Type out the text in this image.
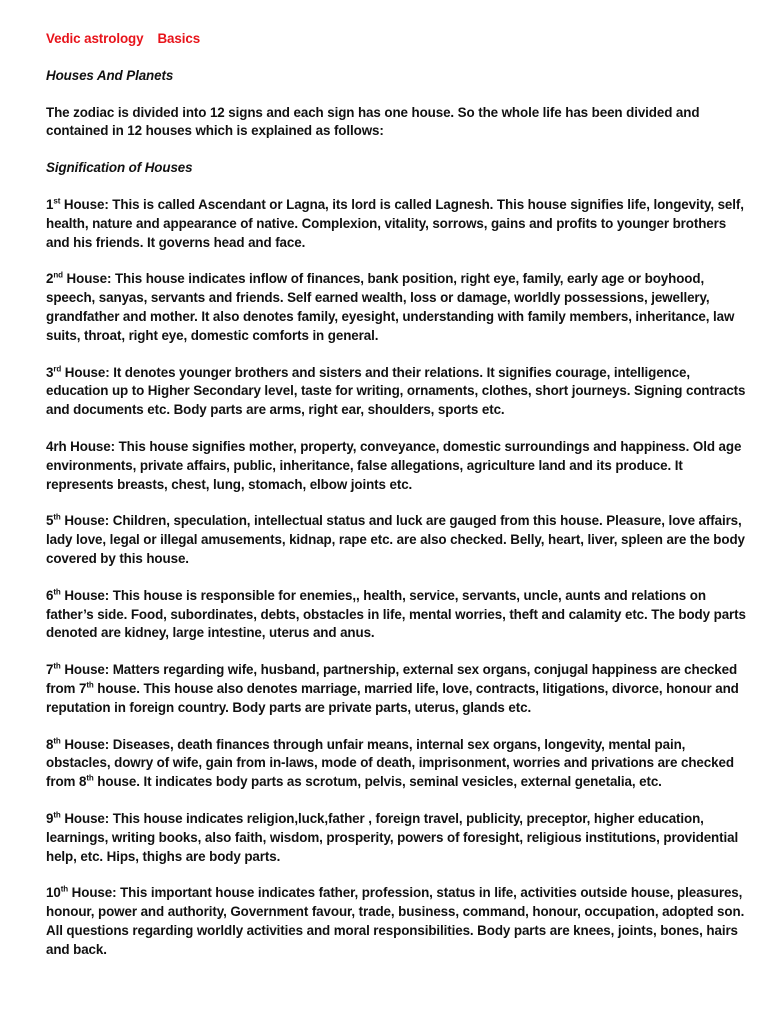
Vedic astrology Basics
Houses And Planets
The zodiac is divided into 12 signs and each sign has one house. So the whole life has been divided and contained in 12 houses which is explained as follows:
Signification of Houses
1st House: This is called Ascendant or Lagna, its lord is called Lagnesh. This house signifies life, longevity, self, health, nature and appearance of native. Complexion, vitality, sorrows, gains and profits to younger brothers and his friends. It governs head and face.
2nd House: This house indicates inflow of finances, bank position, right eye, family, early age or boyhood, speech, sanyas, servants and friends. Self earned wealth, loss or damage, worldly possessions, jewellery, grandfather and mother. It also denotes family, eyesight, understanding with family members, inheritance, law suits, throat, right eye, domestic comforts in general.
3rd House: It denotes younger brothers and sisters and their relations. It signifies courage, intelligence, education up to Higher Secondary level, taste for writing, ornaments, clothes, short journeys. Signing contracts and documents etc. Body parts are arms, right ear, shoulders, sports etc.
4rh House: This house signifies mother, property, conveyance, domestic surroundings and happiness. Old age environments, private affairs, public, inheritance, false allegations, agriculture land and its produce. It represents breasts, chest, lung, stomach, elbow joints etc.
5th House: Children, speculation, intellectual status and luck are gauged from this house. Pleasure, love affairs, lady love, legal or illegal amusements, kidnap, rape etc. are also checked. Belly, heart, liver, spleen are the body covered by this house.
6th House: This house is responsible for enemies,, health, service, servants, uncle, aunts and relations on father’s side. Food, subordinates, debts, obstacles in life, mental worries, theft and calamity etc. The body parts denoted are kidney, large intestine, uterus and anus.
7th House: Matters regarding wife, husband, partnership, external sex organs, conjugal happiness are checked from 7th house. This house also denotes marriage, married life, love, contracts, litigations, divorce, honour and reputation in foreign country. Body parts are private parts, uterus, glands etc.
8th House: Diseases, death finances through unfair means, internal sex organs, longevity, mental pain, obstacles, dowry of wife, gain from in-laws, mode of death, imprisonment, worries and privations are checked from 8th house. It indicates body parts as scrotum, pelvis, seminal vesicles, external genetalia, etc.
9th House: This house indicates religion,luck,father , foreign travel, publicity, preceptor, higher education, learnings, writing books, also faith, wisdom, prosperity, powers of foresight, religious institutions, providential help, etc. Hips, thighs are body parts.
10th House: This important house indicates father, profession, status in life, activities outside house, pleasures, honour, power and authority, Government favour, trade, business, command, honour, occupation, adopted son. All questions regarding worldly activities and moral responsibilities. Body parts are knees, joints, bones, hairs and back.
